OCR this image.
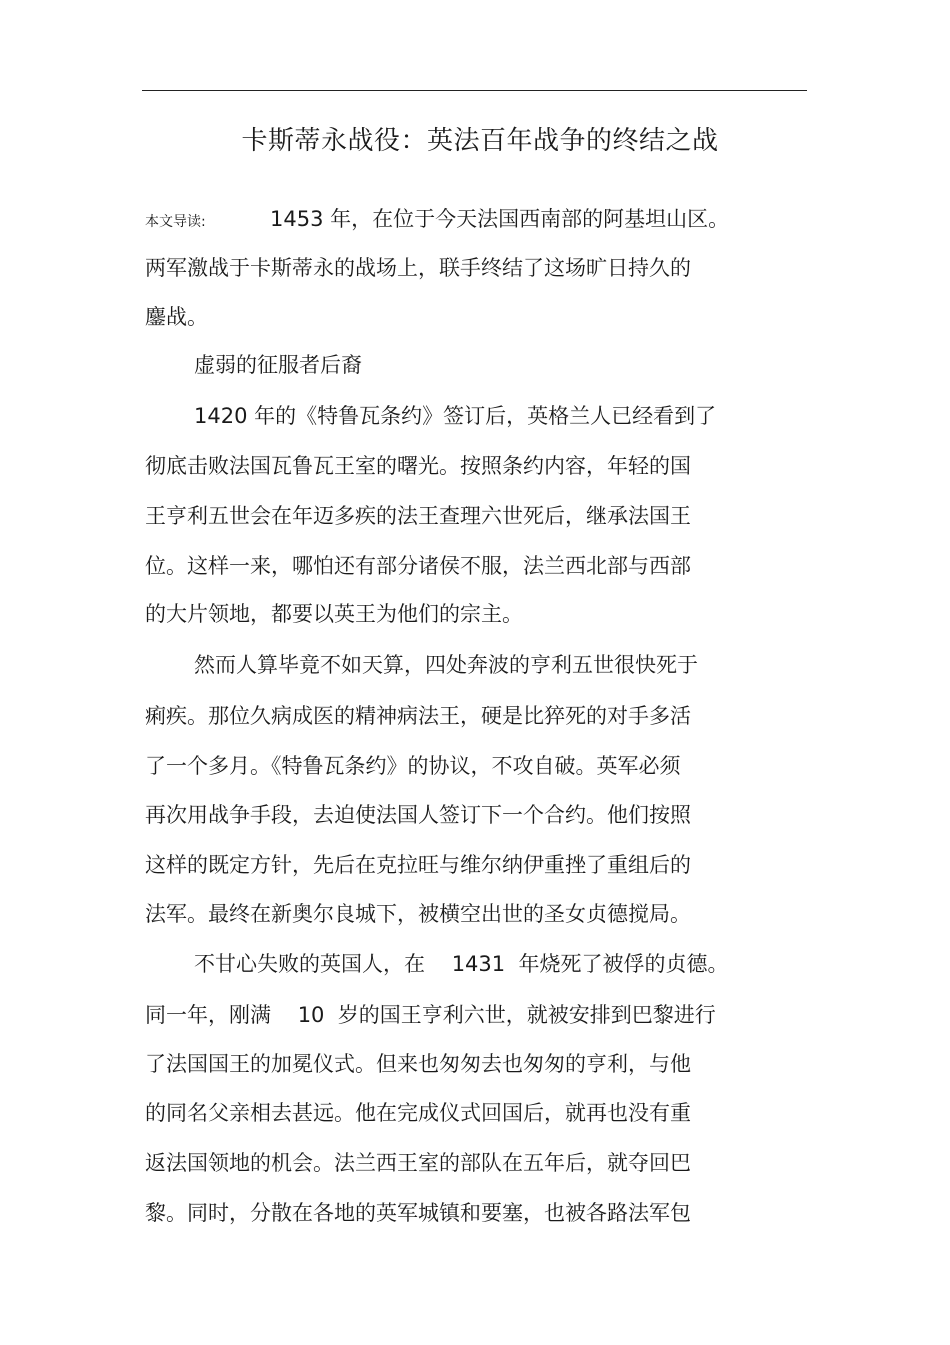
卡斯蒂永战役：英法百年战争的终结之战
本文导读:	1453 年，在位于今天法国西南部的阿基坦山区。
两军激战于卡斯蒂永的战场上，联手终结了这场旷日持久的
鏖战。
虚弱的征服者后裔
1420 年的《特鲁瓦条约》签订后，英格兰人已经看到了
彻底击败法国瓦鲁瓦王室的曙光。按照条约内容，年轻的国
王亨利五世会在年迈多疾的法王查理六世死后，继承法国王
位。这样一来，哪怕还有部分诸侯不服，法兰西北部与西部
的大片领地，都要以英王为他们的宗主。
然而人算毕竟不如天算，四处奔波的亨利五世很快死于
痢疾。那位久病成医的精神病法王，硬是比猝死的对手多活
了一个多月。《特鲁瓦条约》的协议，不攻自破。英军必须
再次用战争手段，去迫使法国人签订下一个合约。他们按照
这样的既定方针，先后在克拉旺与维尔纳伊重挫了重组后的
法军。最终在新奥尔良城下，被横空出世的圣女贞德搅局。
不甘心失败的英国人，在    1431  年烧死了被俘的贞德。
同一年，刚满    10  岁的国王亨利六世，就被安排到巴黎进行
了法国国王的加冕仪式。但来也匆匆去也匆匆的亨利，与他
的同名父亲相去甚远。他在完成仪式回国后，就再也没有重
返法国领地的机会。法兰西王室的部队在五年后，就夺回巴
黎。同时，分散在各地的英军城镇和要塞，也被各路法军包
